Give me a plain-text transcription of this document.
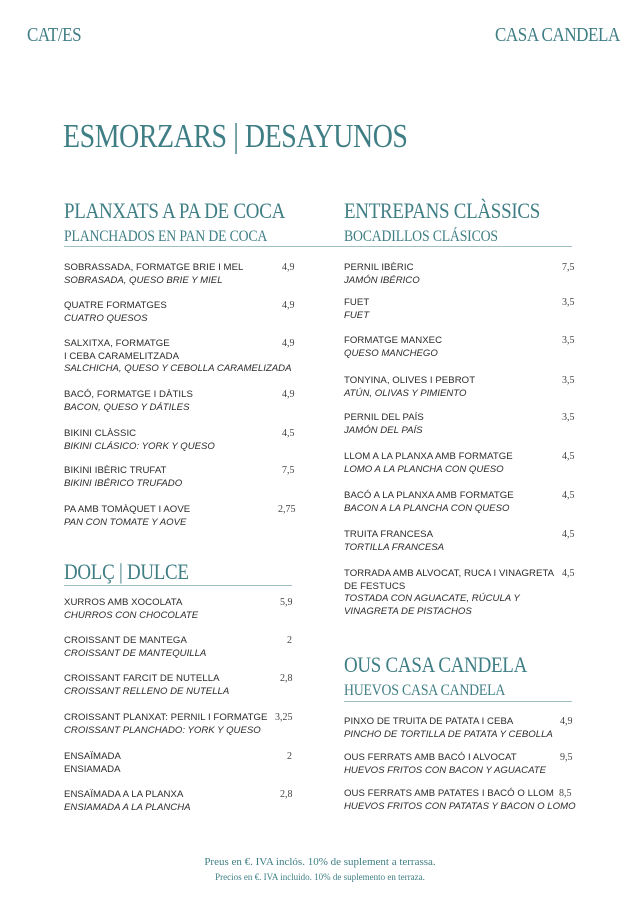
CAT/ES	CASA CANDELA
ESMORZARS | DESAYUNOS
PLANXATS A PA DE COCA
PLANCHADOS EN PAN DE COCA
SOBRASSADA, FORMATGE BRIE I MEL
SOBRASADA, QUESO BRIE Y MIEL
4,9
QUATRE FORMATGES
CUATRO QUESOS
4,9
SALXITXA, FORMATGE
I CEBA CARAMELITZADA
SALCHICHA, QUESO Y CEBOLLA CARAMELIZADA
4,9
BACÓ, FORMATGE I DÀTILS
BACON, QUESO Y DÁTILES
4,9
BIKINI CLÀSSIC
BIKINI CLÁSICO: YORK Y QUESO
4,5
BIKINI IBÈRIC TRUFAT
BIKINI IBÉRICO TRUFADO
7,5
PA AMB TOMÀQUET I AOVE
PAN CON TOMATE Y AOVE
2,75
DOLÇ | DULCE
XURROS AMB XOCOLATA
CHURROS CON CHOCOLATE
5,9
CROISSANT DE MANTEGA
CROISSANT DE MANTEQUILLA
2
CROISSANT FARCIT DE NUTELLA
CROISSANT RELLENO DE NUTELLA
2,8
CROISSANT PLANXAT: PERNIL I FORMATGE
CROISSANT PLANCHADO: YORK Y QUESO
3,25
ENSAÏMADA
ENSIAMADA
2
ENSAÏMADA A LA PLANXA
ENSIAMADA A LA PLANCHA
2,8
ENTREPANS CLÀSSICS
BOCADILLOS CLÁSICOS
PERNIL IBÈRIC
JAMÓN IBÉRICO
7,5
FUET
FUET
3,5
FORMATGE MANXEC
QUESO MANCHEGO
3,5
TONYINA, OLIVES I PEBROT
ATÚN, OLIVAS Y PIMIENTO
3,5
PERNIL DEL PAÍS
JAMÓN DEL PAÍS
3,5
LLOM A LA PLANXA AMB FORMATGE
LOMO A LA PLANCHA CON QUESO
4,5
BACÓ A LA PLANXA AMB FORMATGE
BACON A LA PLANCHA CON QUESO
4,5
TRUITA FRANCESA
TORTILLA FRANCESA
4,5
TORRADA AMB ALVOCAT, RUCA I VINAGRETA
DE FESTUCS
TOSTADA CON AGUACATE, RÚCULA Y
VINAGRETA DE PISTACHOS
4,5
OUS CASA CANDELA
HUEVOS CASA CANDELA
PINXO DE TRUITA DE PATATA I CEBA
PINCHO DE TORTILLA DE PATATA Y CEBOLLA
4,9
OUS FERRATS AMB BACÓ I ALVOCAT
HUEVOS FRITOS CON BACON Y AGUACATE
9,5
OUS FERRATS AMB PATATES I BACÓ O LLOM
HUEVOS FRITOS CON PATATAS Y BACON O LOMO
8,5
Preus en €. IVA inclós. 10% de suplement a terrassa.
Precios en €. IVA incluido. 10% de suplemento en terraza.
